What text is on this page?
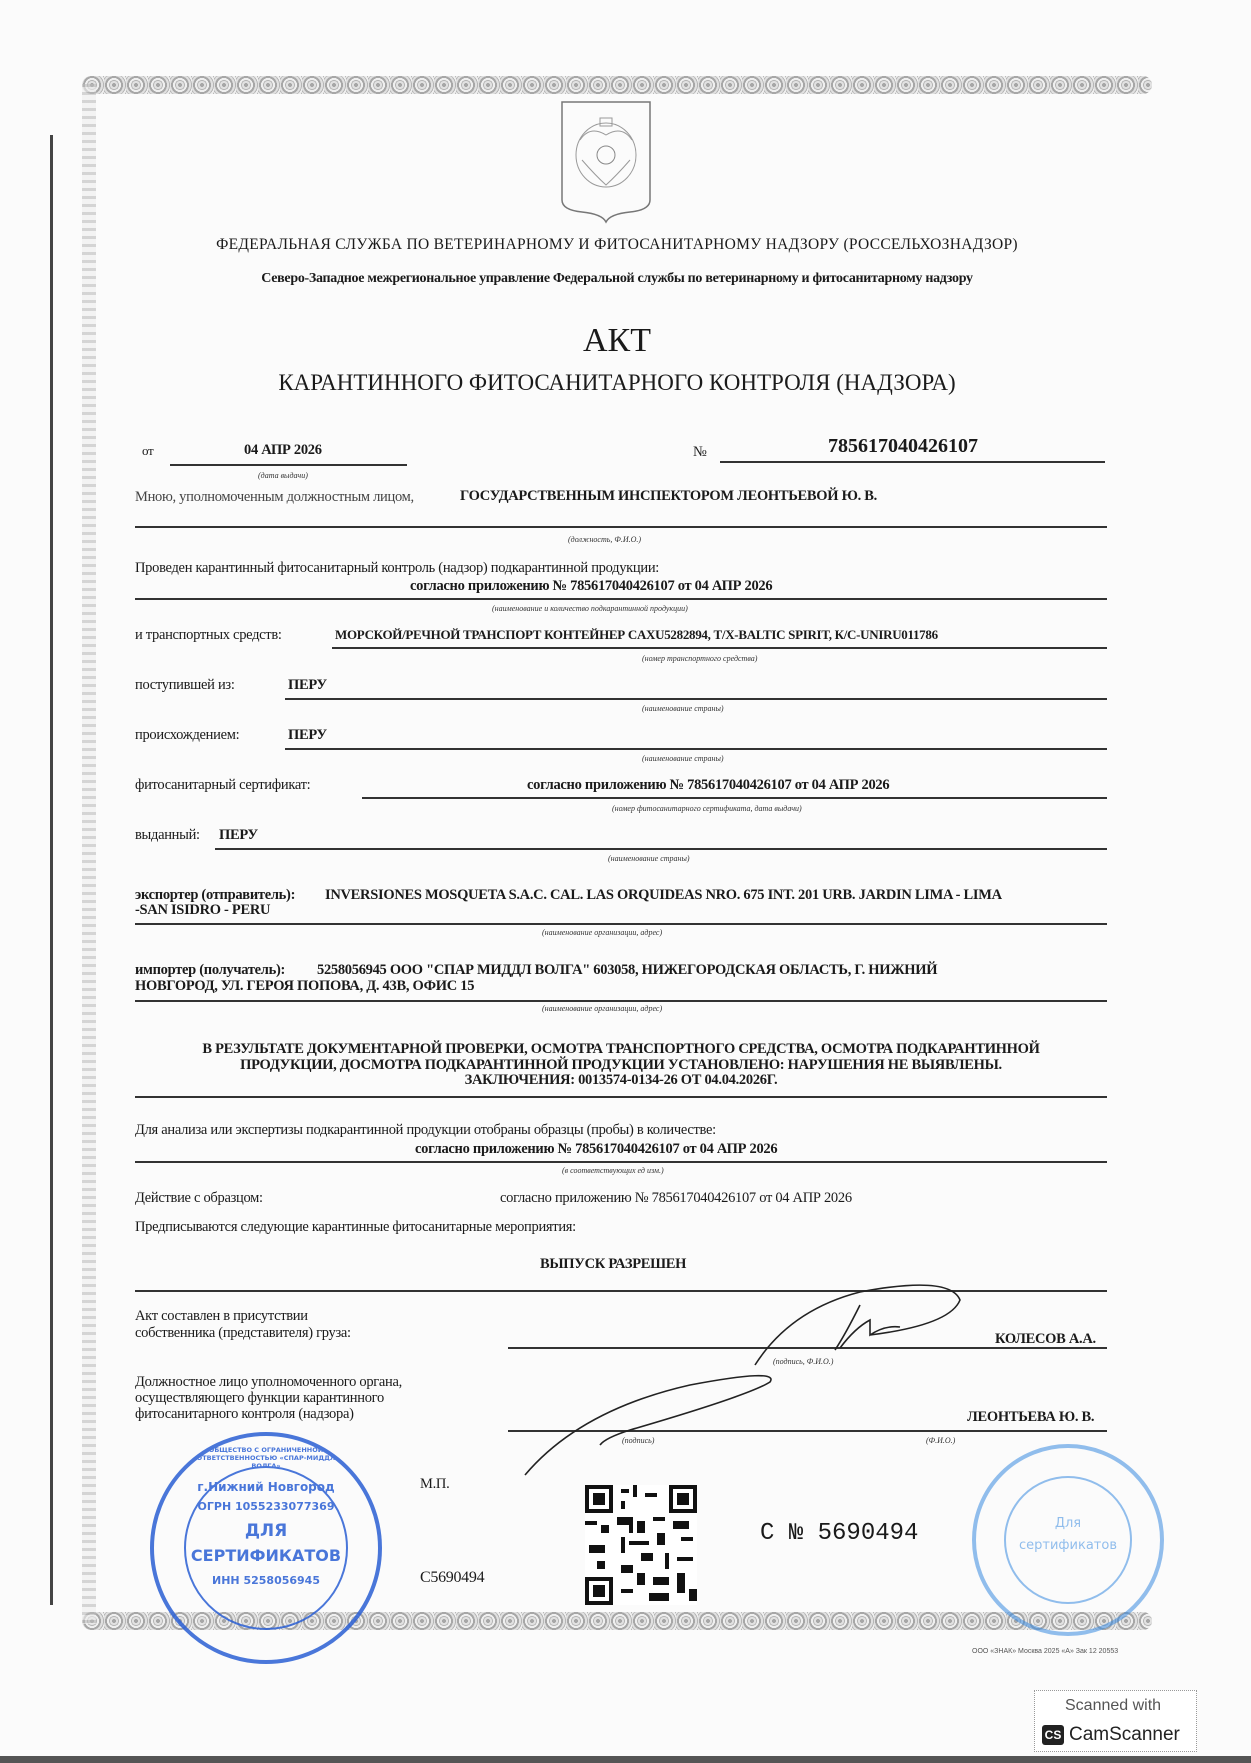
ФЕДЕРАЛЬНАЯ СЛУЖБА ПО ВЕТЕРИНАРНОМУ И ФИТОСАНИТАРНОМУ НАДЗОРУ (РОССЕЛЬХОЗНАДЗОР)
Северо-Западное межрегиональное управление Федеральной службы по ветеринарному и фитосанитарному надзору
АКТ
КАРАНТИННОГО ФИТОСАНИТАРНОГО КОНТРОЛЯ (НАДЗОРА)
от	04 АПР 2026
(дата выдачи)
№	785617040426107
Мною, уполномоченным должностным лицом,	ГОСУДАРСТВЕННЫМ ИНСПЕКТОРОМ ЛЕОНТЬЕВОЙ Ю. В.
(должность, Ф.И.О.)
Проведен карантинный фитосанитарный контроль (надзор) подкарантинной продукции:
согласно приложению № 785617040426107 от 04 АПР 2026
(наименование и количество подкарантинной продукции)
и транспортных средств:	МОРСКОЙ/РЕЧНОЙ ТРАНСПОРТ КОНТЕЙНЕР CAXU5282894, Т/Х-BALTIC SPIRIT, К/С-UNIRU011786
(номер транспортного средства)
поступившей из:	ПЕРУ
(наименование страны)
происхождением:	ПЕРУ
(наименование страны)
фитосанитарный сертификат:	согласно приложению № 785617040426107 от 04 АПР 2026
(номер фитосанитарного сертификата, дата выдачи)
выданный: ПЕРУ
(наименование страны)
экспортер (отправитель): INVERSIONES MOSQUETA S.A.C. CAL. LAS ORQUIDEAS NRO. 675 INT. 201 URB. JARDIN LIMA - LIMA
-SAN ISIDRO - PERU
(наименование организации, адрес)
импортер (получатель): 5258056945 ООО "СПАР МИДДЛ ВОЛГА" 603058, НИЖЕГОРОДСКАЯ ОБЛАСТЬ, Г. НИЖНИЙ
НОВГОРОД, УЛ. ГЕРОЯ ПОПОВА, Д. 43В, ОФИС 15
(наименование организации, адрес)
В РЕЗУЛЬТАТЕ ДОКУМЕНТАРНОЙ ПРОВЕРКИ, ОСМОТРА ТРАНСПОРТНОГО СРЕДСТВА, ОСМОТРА ПОДКАРАНТИННОЙ
ПРОДУКЦИИ, ДОСМОТРА ПОДКАРАНТИННОЙ ПРОДУКЦИИ УСТАНОВЛЕНО: НАРУШЕНИЯ НЕ ВЫЯВЛЕНЫ.
ЗАКЛЮЧЕНИЯ: 0013574-0134-26 ОТ 04.04.2026Г.
Для анализа или экспертизы подкарантинной продукции отобраны образцы (пробы) в количестве:
согласно приложению № 785617040426107 от 04 АПР 2026
(в соответствующих ед изм.)
Действие с образцом:	согласно приложению № 785617040426107 от 04 АПР 2026
Предписываются следующие карантинные фитосанитарные мероприятия:
ВЫПУСК РАЗРЕШЕН
Акт составлен в присутствии
собственника (представителя) груза:	КОЛЕСОВ А.А.
(подпись, Ф.И.О.)
Должностное лицо уполномоченного органа,
осуществляющего функции карантинного
фитосанитарного контроля (надзора)	ЛЕОНТЬЕВА Ю. В.
(подпись)	(Ф.И.О.)
М.П.
С № 5690494
С5690494
ООО «ЗНАК» Москва 2025 «А» Зак 12 20553
ОБЩЕСТВО С ОГРАНИЧЕННОЙ ОТВЕТСТВЕННОСТЬЮ «СПАР-МИДДЛ ВОЛГА»
г.Нижний Новгород
ОГРН 1055233077369
ДЛЯ
СЕРТИФИКАТОВ
ИНН 5258056945
Для
сертификатов
Scanned with
CS CamScanner
